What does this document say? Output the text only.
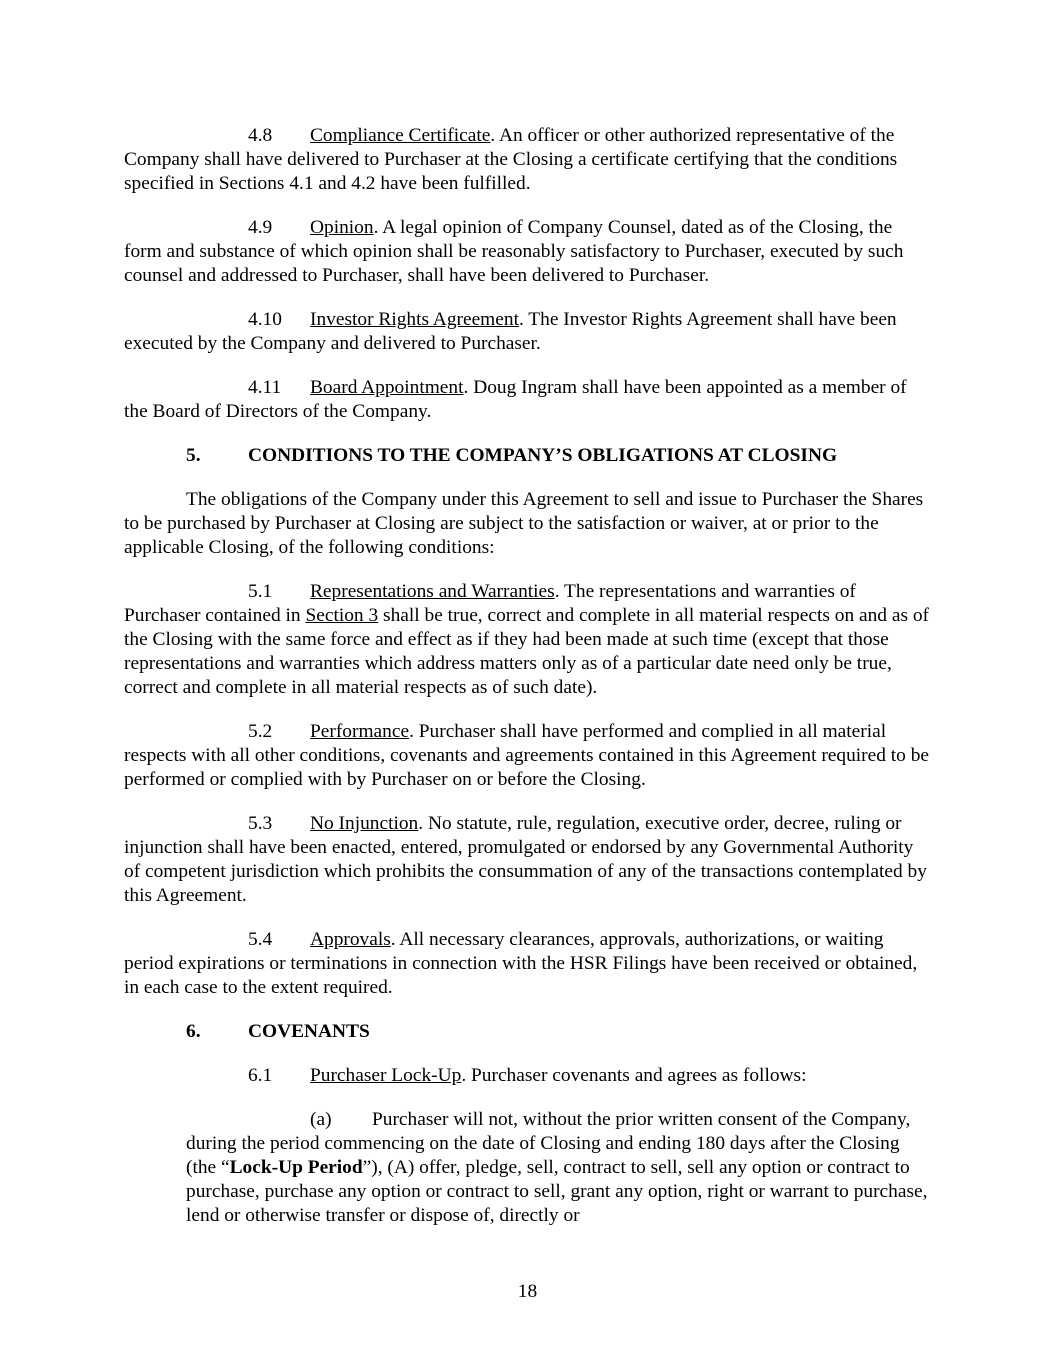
4.8 Compliance Certificate. An officer or other authorized representative of the Company shall have delivered to Purchaser at the Closing a certificate certifying that the conditions specified in Sections 4.1 and 4.2 have been fulfilled.

4.9 Opinion. A legal opinion of Company Counsel, dated as of the Closing, the form and substance of which opinion shall be reasonably satisfactory to Purchaser, executed by such counsel and addressed to Purchaser, shall have been delivered to Purchaser.

4.10 Investor Rights Agreement. The Investor Rights Agreement shall have been executed by the Company and delivered to Purchaser.

4.11 Board Appointment. Doug Ingram shall have been appointed as a member of the Board of Directors of the Company.

5. CONDITIONS TO THE COMPANY’S OBLIGATIONS AT CLOSING

The obligations of the Company under this Agreement to sell and issue to Purchaser the Shares to be purchased by Purchaser at Closing are subject to the satisfaction or waiver, at or prior to the applicable Closing, of the following conditions:

5.1 Representations and Warranties. The representations and warranties of Purchaser contained in Section 3 shall be true, correct and complete in all material respects on and as of the Closing with the same force and effect as if they had been made at such time (except that those representations and warranties which address matters only as of a particular date need only be true, correct and complete in all material respects as of such date).

5.2 Performance. Purchaser shall have performed and complied in all material respects with all other conditions, covenants and agreements contained in this Agreement required to be performed or complied with by Purchaser on or before the Closing.

5.3 No Injunction. No statute, rule, regulation, executive order, decree, ruling or injunction shall have been enacted, entered, promulgated or endorsed by any Governmental Authority of competent jurisdiction which prohibits the consummation of any of the transactions contemplated by this Agreement.

5.4 Approvals. All necessary clearances, approvals, authorizations, or waiting period expirations or terminations in connection with the HSR Filings have been received or obtained, in each case to the extent required.

6. COVENANTS

6.1 Purchaser Lock-Up. Purchaser covenants and agrees as follows:

(a) Purchaser will not, without the prior written consent of the Company, during the period commencing on the date of Closing and ending 180 days after the Closing (the “Lock-Up Period”), (A) offer, pledge, sell, contract to sell, sell any option or contract to purchase, purchase any option or contract to sell, grant any option, right or warrant to purchase, lend or otherwise transfer or dispose of, directly or

18
